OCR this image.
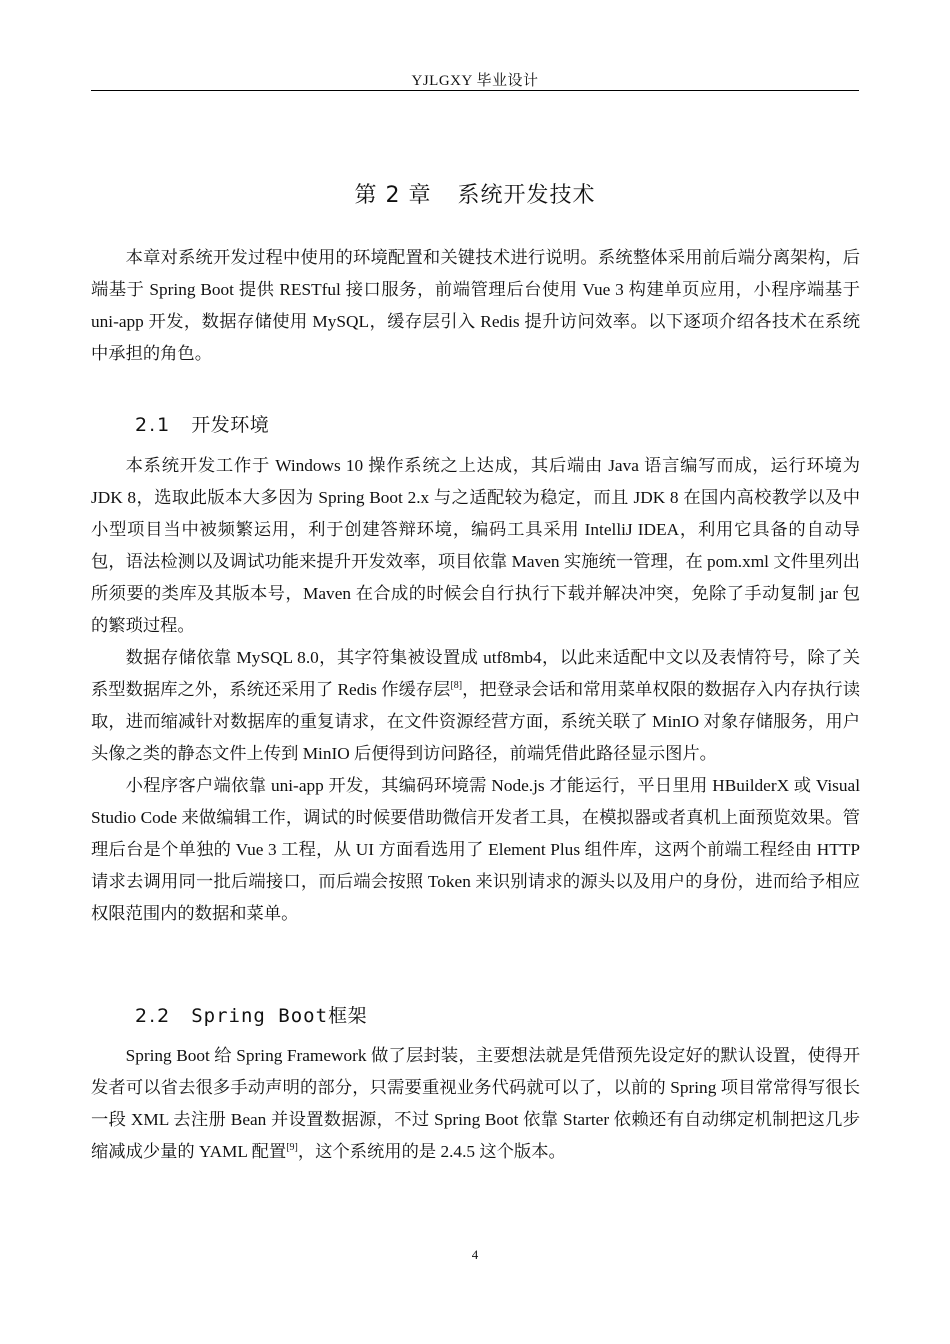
YJLGXY 毕业设计
第 2 章 系统开发技术

本章对系统开发过程中使用的环境配置和关键技术进行说明。系统整体采用前后端分离架构，后端基于 Spring Boot 提供 RESTful 接口服务，前端管理后台使用 Vue 3 构建单页应用，小程序端基于 uni-app 开发，数据存储使用 MySQL，缓存层引入 Redis 提升访问效率。以下逐项介绍各技术在系统中承担的角色。

2.1 开发环境

本系统开发工作于 Windows 10 操作系统之上达成，其后端由 Java 语言编写而成，运行环境为 JDK 8，选取此版本大多因为 Spring Boot 2.x 与之适配较为稳定，而且 JDK 8 在国内高校教学以及中小型项目当中被频繁运用，利于创建答辩环境，编码工具采用 IntelliJ IDEA，利用它具备的自动导包，语法检测以及调试功能来提升开发效率，项目依靠 Maven 实施统一管理，在 pom.xml 文件里列出所须要的类库及其版本号，Maven 在合成的时候会自行执行下载并解决冲突，免除了手动复制 jar 包的繁琐过程。

数据存储依靠 MySQL 8.0，其字符集被设置成 utf8mb4，以此来适配中文以及表情符号，除了关系型数据库之外，系统还采用了 Redis 作缓存层[8]，把登录会话和常用菜单权限的数据存入内存执行读取，进而缩减针对数据库的重复请求，在文件资源经营方面，系统关联了 MinIO 对象存储服务，用户头像之类的静态文件上传到 MinIO 后便得到访问路径，前端凭借此路径显示图片。

小程序客户端依靠 uni-app 开发，其编码环境需 Node.js 才能运行，平日里用 HBuilderX 或 Visual Studio Code 来做编辑工作，调试的时候要借助微信开发者工具，在模拟器或者真机上面预览效果。管理后台是个单独的 Vue 3 工程，从 UI 方面看选用了 Element Plus 组件库，这两个前端工程经由 HTTP 请求去调用同一批后端接口，而后端会按照 Token 来识别请求的源头以及用户的身份，进而给予相应权限范围内的数据和菜单。

2.2 Spring Boot框架

Spring Boot 给 Spring Framework 做了层封装，主要想法就是凭借预先设定好的默认设置，使得开发者可以省去很多手动声明的部分，只需要重视业务代码就可以了，以前的 Spring 项目常常得写很长一段 XML 去注册 Bean 并设置数据源，不过 Spring Boot 依靠 Starter 依赖还有自动绑定机制把这几步缩减成少量的 YAML 配置[9]，这个系统用的是 2.4.5 这个版本。

4
